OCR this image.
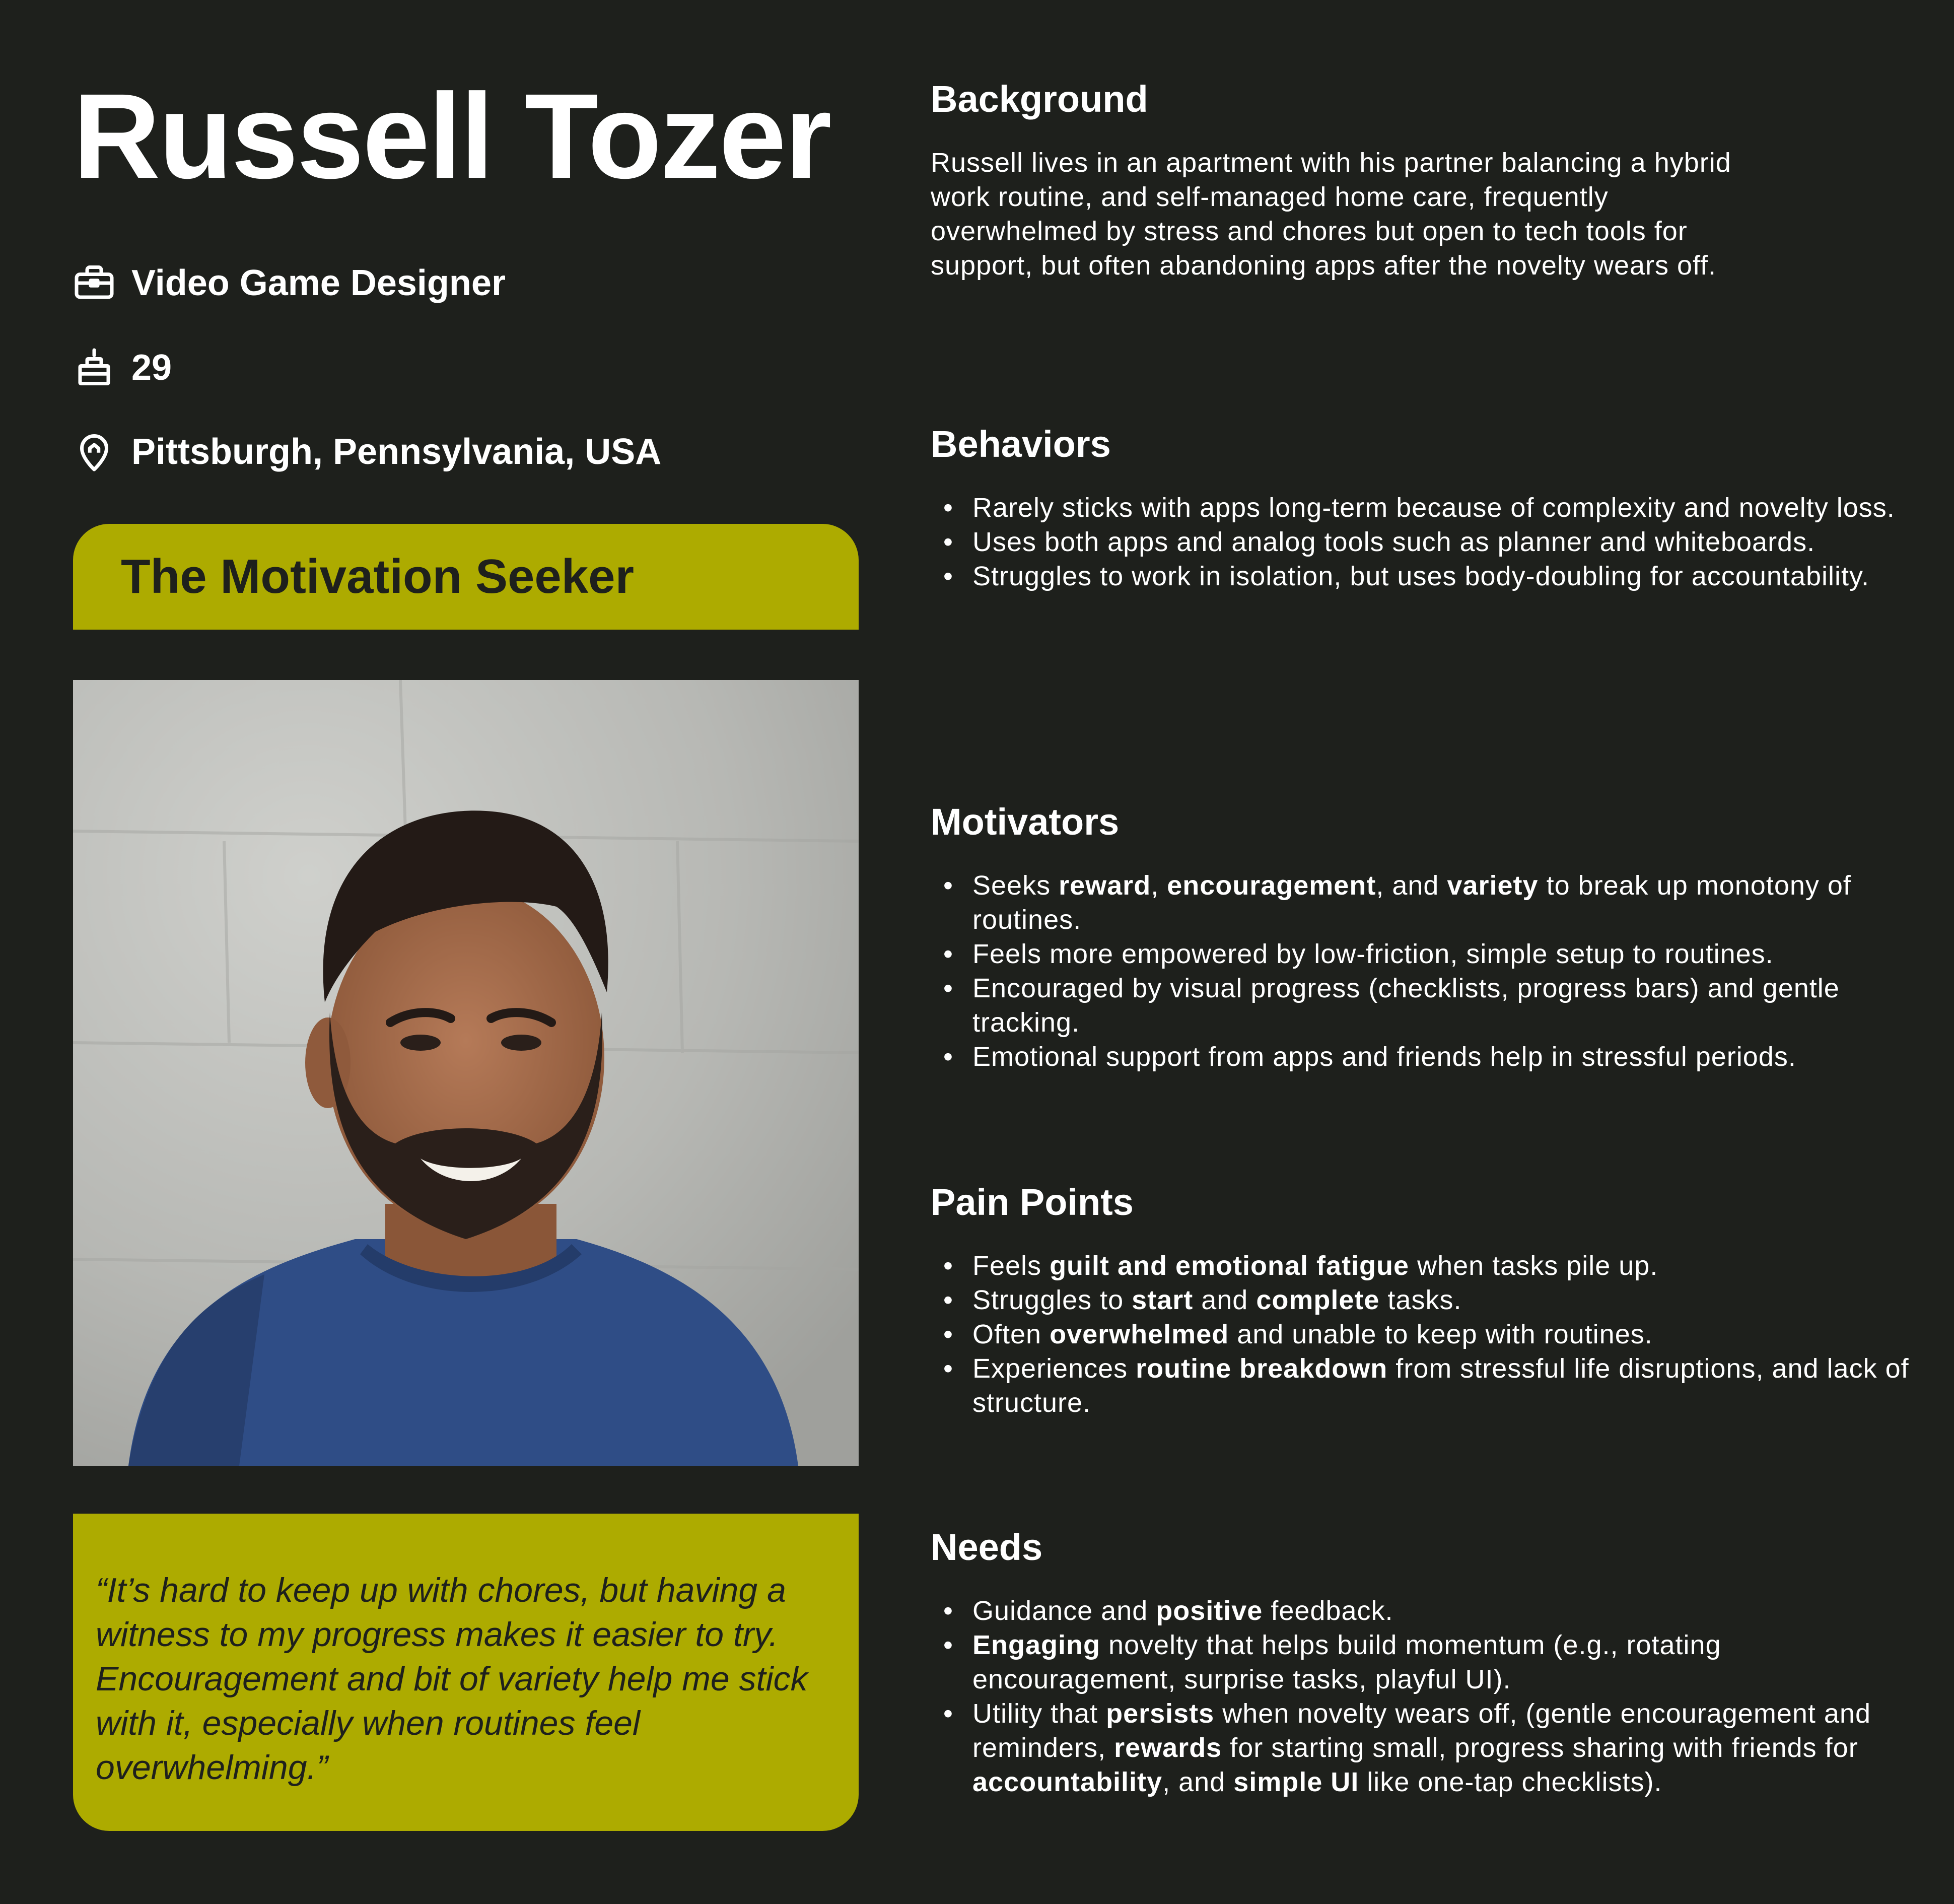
Russell Tozer
Video Game Designer
29
Pittsburgh, Pennsylvania, USA
The Motivation Seeker

“It’s hard to keep up with chores, but having a witness to my progress makes it easier to try. Encouragement and bit of variety help me stick with it, especially when routines feel overwhelming.”

Background
Russell lives in an apartment with his partner balancing a hybrid work routine, and self-managed home care, frequently overwhelmed by stress and chores but open to tech tools for support, but often abandoning apps after the novelty wears off.
Behaviors
• Rarely sticks with apps long-term because of complexity and novelty loss.
• Uses both apps and analog tools such as planner and whiteboards.
• Struggles to work in isolation, but uses body-doubling for accountability.
Motivators
• Seeks reward, encouragement, and variety to break up monotony of routines.
• Feels more empowered by low-friction, simple setup to routines.
• Encouraged by visual progress (checklists, progress bars) and gentle tracking.
• Emotional support from apps and friends help in stressful periods.
Pain Points
• Feels guilt and emotional fatigue when tasks pile up.
• Struggles to start and complete tasks.
• Often overwhelmed and unable to keep with routines.
• Experiences routine breakdown from stressful life disruptions, and lack of structure.
Needs
• Guidance and positive feedback.
• Engaging novelty that helps build momentum (e.g., rotating encouragement, surprise tasks, playful UI).
• Utility that persists when novelty wears off, (gentle encouragement and reminders, rewards for starting small, progress sharing with friends for accountability, and simple UI like one-tap checklists).
